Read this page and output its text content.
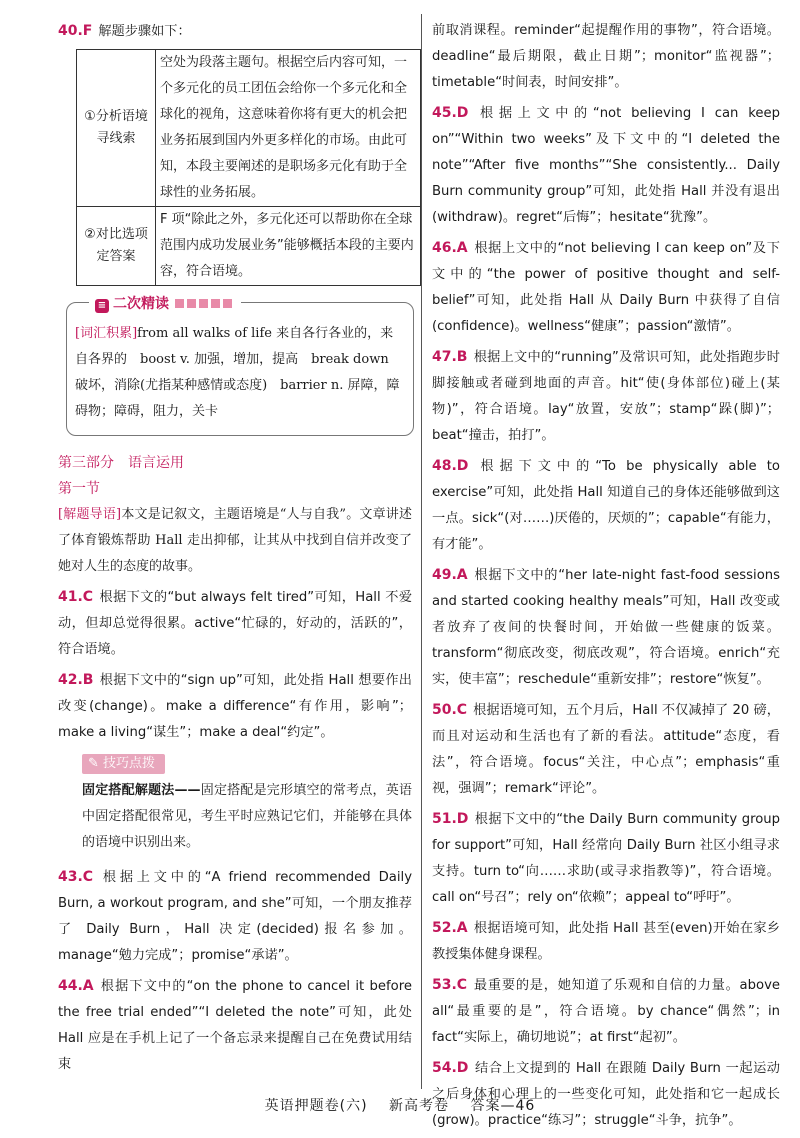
40.F 解题步骤如下：

①分析语境寻线索	空处为段落主题句。根据空后内容可知，一个多元化的员工团伍会给你一个多元化和全球化的视角，这意味着你将有更大的机会把业务拓展到国内外更多样化的市场。由此可知，本段主要阐述的是职场多元化有助于全球性的业务拓展。
②对比选项定答案	F 项“除此之外，多元化还可以帮助你在全球范围内成功发展业务”能够概括本段的主要内容，符合语境。
≡ 二次精读
[词汇积累]from all walks of life 来自各行各业的，来自各界的　boost v. 加强，增加，提高　break down 破坏，消除(尤指某种感情或态度)　barrier n. 屏障，障碍物；障碍，阻力，关卡
第三部分　语言运用
第一节

[解题导语]本文是记叙文，主题语境是“人与自我”。文章讲述了体育锻炼帮助 Hall 走出抑郁，让其从中找到自信并改变了她对人生的态度的故事。

41.C 根据下文的“but always felt tired”可知，Hall 不爱动，但却总觉得很累。active“忙碌的，好动的，活跃的”，符合语境。

42.B 根据下文中的“sign up”可知，此处指 Hall 想要作出改变(change)。make a difference“有作用，影响”；make a living“谋生”；make a deal“约定”。

✎ 技巧点拨

固定搭配解题法——固定搭配是完形填空的常考点，英语中固定搭配很常见，考生平时应熟记它们，并能够在具体的语境中识别出来。

43.C 根据上文中的“A friend recommended Daily Burn, a workout program, and she”可知，一个朋友推荐了 Daily Burn，Hall 决定(decided)报名参加。manage“勉力完成”；promise“承诺”。

44.A 根据下文中的“on the phone to cancel it before the free trial ended”“I deleted the note”可知，此处 Hall 应是在手机上记了一个备忘录来提醒自己在免费试用结束

前取消课程。reminder“起提醒作用的事物”，符合语境。deadline“最后期限，截止日期”；monitor“监视器”；timetable“时间表，时间安排”。

45.D 根据上文中的“not believing I can keep on”“Within two weeks”及下文中的“I deleted the note”“After five months”“She consistently... Daily Burn community group”可知，此处指 Hall 并没有退出(withdraw)。regret“后悔”；hesitate“犹豫”。

46.A 根据上文中的“not believing I can keep on”及下文中的“the power of positive thought and self-belief”可知，此处指 Hall 从 Daily Burn 中获得了自信(confidence)。wellness“健康”；passion“激情”。

47.B 根据上文中的“running”及常识可知，此处指跑步时脚接触或者碰到地面的声音。hit“使(身体部位)碰上(某物)”，符合语境。lay“放置，安放”；stamp“跺(脚)”；beat“撞击，拍打”。

48.D 根据下文中的“To be physically able to exercise”可知，此处指 Hall 知道自己的身体还能够做到这一点。sick“(对……)厌倦的，厌烦的”；capable“有能力，有才能”。

49.A 根据下文中的“her late-night fast-food sessions and started cooking healthy meals”可知，Hall 改变或者放弃了夜间的快餐时间，开始做一些健康的饭菜。transform“彻底改变，彻底改观”，符合语境。enrich“充实，使丰富”；reschedule“重新安排”；restore“恢复”。

50.C 根据语境可知，五个月后，Hall 不仅减掉了 20 磅，而且对运动和生活也有了新的看法。attitude“态度，看法”，符合语境。focus“关注，中心点”；emphasis“重视，强调”；remark“评论”。

51.D 根据下文中的“the Daily Burn community group for support”可知，Hall 经常向 Daily Burn 社区小组寻求支持。turn to“向……求助(或寻求指教等)”，符合语境。call on“号召”；rely on“依赖”；appeal to“呼吁”。

52.A 根据语境可知，此处指 Hall 甚至(even)开始在家乡教授集体健身课程。

53.C 最重要的是，她知道了乐观和自信的力量。above all“最重要的是”，符合语境。by chance“偶然”；in fact“实际上，确切地说”；at first“起初”。

54.D 结合上文提到的 Hall 在跟随 Daily Burn 一起运动之后身体和心理上的一些变化可知，此处指和它一起成长(grow)。practice“练习”；struggle“斗争，抗争”。

英语押题卷(六) 新高考卷 答案—46
